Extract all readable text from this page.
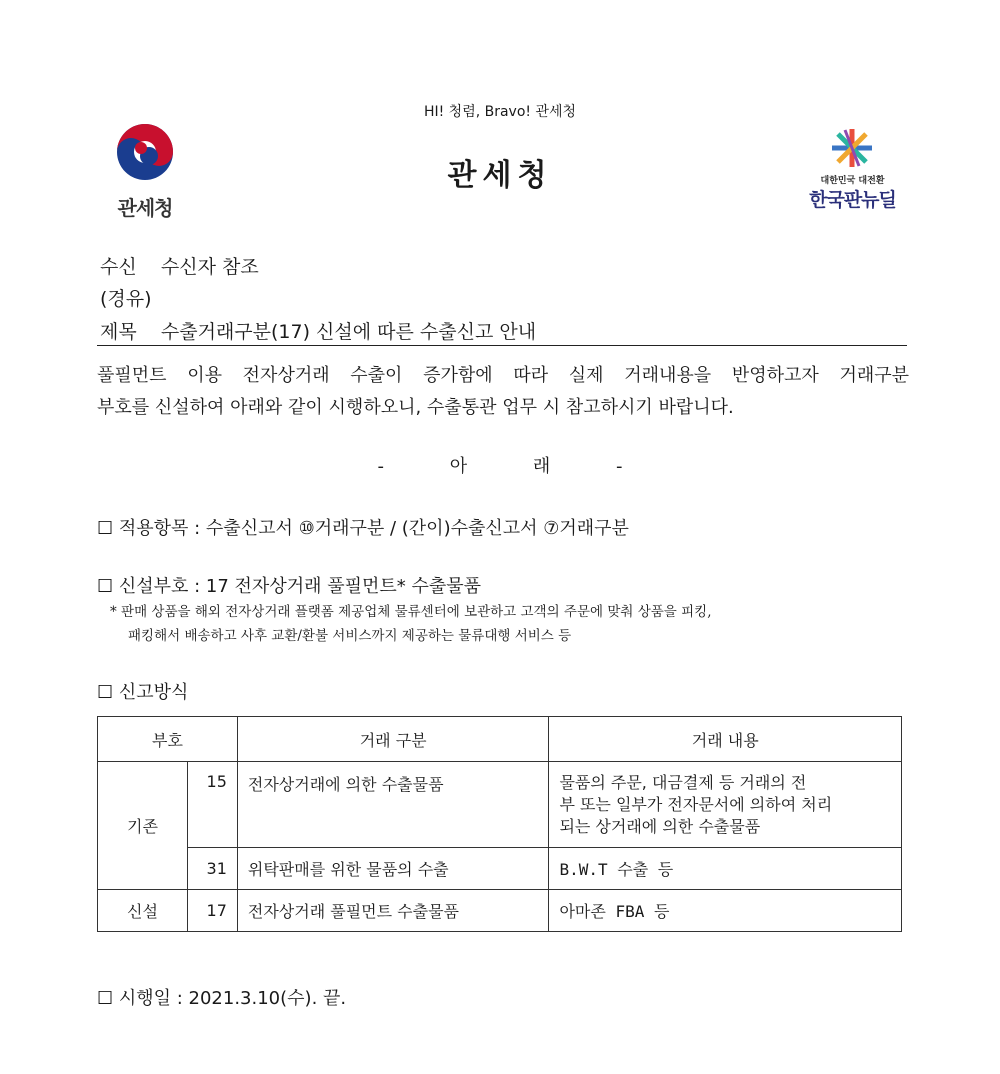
HI! 청렴, Bravo! 관세청
관세청
관세청	대한민국 대전환
한국판뉴딜
수신 수신자 참조
(경유)
제목 수출거래구분(17) 신설에 따른 수출신고 안내
풀필먼트 이용 전자상거래 수출이 증가함에 따라 실제 거래내용을 반영하고자 거래구분
부호를 신설하여 아래와 같이 시행하오니, 수출통관 업무 시 참고하시기 바랍니다.
-	아	래	-
☐ 적용항목 : 수출신고서 ⑩거래구분 / (간이)수출신고서 ⑦거래구분
☐ 신설부호 : 17 전자상거래 풀필먼트* 수출물품
* 판매 상품을 해외 전자상거래 플랫폼 제공업체 물류센터에 보관하고 고객의 주문에 맞춰 상품을 피킹,
패킹해서 배송하고 사후 교환/환불 서비스까지 제공하는 물류대행 서비스 등
☐ 신고방식
부호		거래 구분	거래 내용
기존	15	전자상거래에 의한 수출물품	물품의 주문, 대금결제 등 거래의 전
부 또는 일부가 전자문서에 의하여 처리
되는 상거래에 의한 수출물품

	31	위탁판매를 위한 물품의 수출	B.W.T 수출 등
신설	17	전자상거래 풀필먼트 수출물품	아마존 FBA 등
☐ 시행일 : 2021.3.10(수). 끝.
